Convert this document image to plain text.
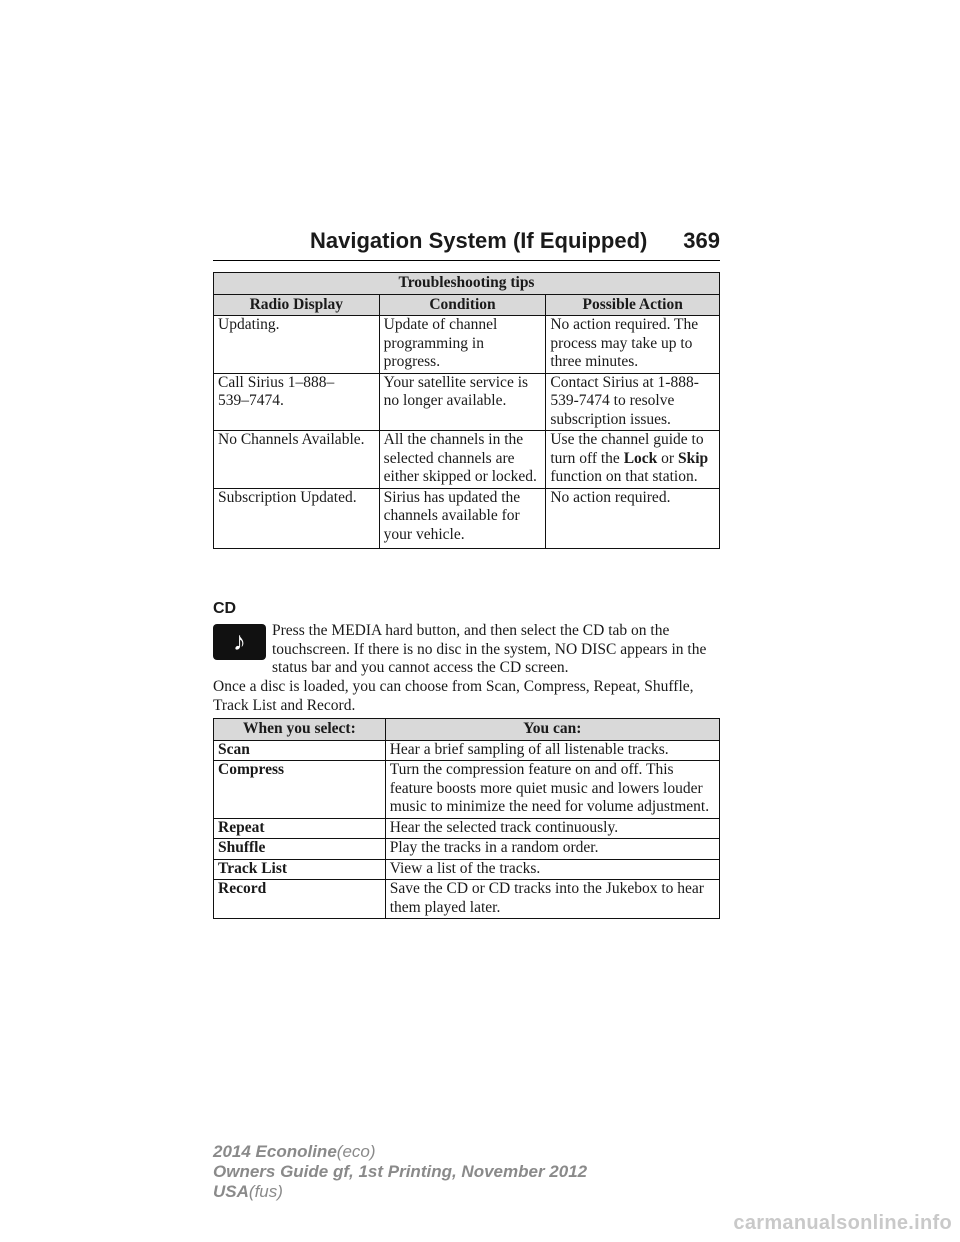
Navigation System (If Equipped) 369
Troubleshooting tips		
Radio Display	Condition	Possible Action
Updating.	Update of channel programming in progress.	No action required. The process may take up to three minutes.
Call Sirius 1–888–539–7474.	Your satellite service is no longer available.	Contact Sirius at 1-888-539-7474 to resolve subscription issues.
No Channels Available.	All the channels in the selected channels are either skipped or locked.	Use the channel guide to turn off the Lock or Skip function on that station.
Subscription Updated.	Sirius has updated the channels available for your vehicle.	No action required.
CD
♪	Press the MEDIA hard button, and then select the CD tab on the touchscreen. If there is no disc in the system, NO DISC appears in the status bar and you cannot access the CD screen.
Once a disc is loaded, you can choose from Scan, Compress, Repeat, Shuffle, Track List and Record.
When you select:	You can:
Scan	Hear a brief sampling of all listenable tracks.
Compress	Turn the compression feature on and off. This feature boosts more quiet music and lowers louder music to minimize the need for volume adjustment.
Repeat	Hear the selected track continuously.
Shuffle	Play the tracks in a random order.
Track List	View a list of the tracks.
Record	Save the CD or CD tracks into the Jukebox to hear them played later.
2014 Econoline(eco)
Owners Guide gf, 1st Printing, November 2012
USA(fus)
carmanualsonline.info
